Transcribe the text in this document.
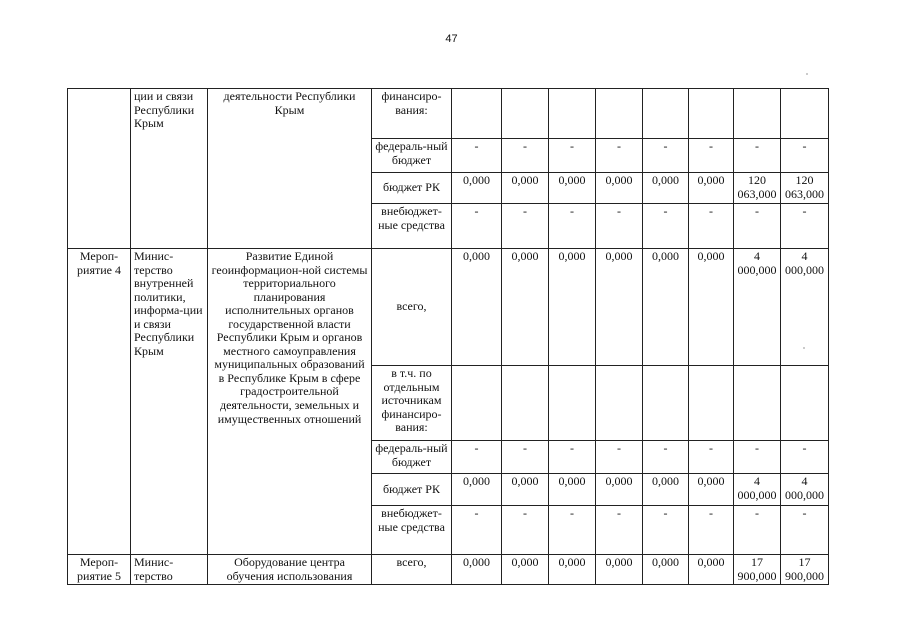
47
	ции и связи Республики Крым	деятельности Республики Крым	финансиро-вания:								
			федераль-ный бюджет	-	-	-	-	-	-	-	-
			бюджет РК	0,000	0,000	0,000	0,000	0,000	0,000	120 063,000	120 063,000
			внебюджет-ные средства	-	-	-	-	-	-	-	-
Мероп-риятие 4	Минис-терство внутренней политики, информа-ции и связи Республики Крым	Развитие Единой геоинформацион-ной системы территориального планирования исполнительных органов государственной власти Республики Крым и органов местного самоуправления муниципальных образований в Республике Крым в сфере градостроительной деятельности, земельных и имущественных отношений	всего,	0,000	0,000	0,000	0,000	0,000	0,000	4 000,000	4 000,000
			в т.ч. по отдельным источникам финансиро-вания:								
			федераль-ный бюджет	-	-	-	-	-	-	-	-
			бюджет РК	0,000	0,000	0,000	0,000	0,000	0,000	4 000,000	4 000,000
			внебюджет-ные средства	-	-	-	-	-	-	-	-
Мероп-риятие 5	Минис-терство	Оборудование центра обучения использования	всего,	0,000	0,000	0,000	0,000	0,000	0,000	17 900,000	17 900,000
